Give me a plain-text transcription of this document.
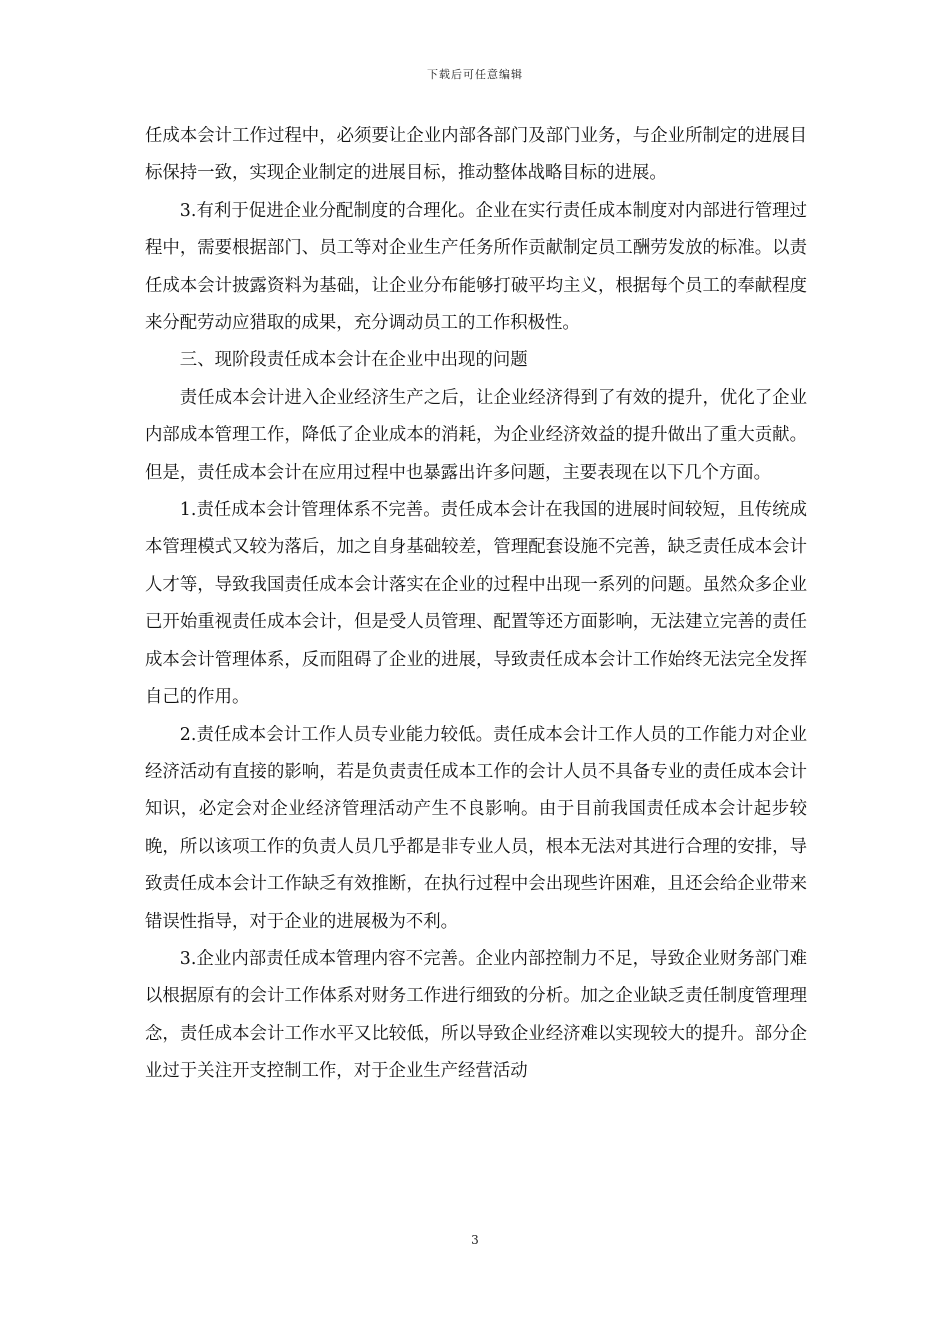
下载后可任意编辑

任成本会计工作过程中，必须要让企业内部各部门及部门业务，与企业所制定的进展目标保持一致，实现企业制定的进展目标，推动整体战略目标的进展。

3.有利于促进企业分配制度的合理化。企业在实行责任成本制度对内部进行管理过程中，需要根据部门、员工等对企业生产任务所作贡献制定员工酬劳发放的标准。以责任成本会计披露资料为基础，让企业分布能够打破平均主义，根据每个员工的奉献程度来分配劳动应猎取的成果，充分调动员工的工作积极性。

三、现阶段责任成本会计在企业中出现的问题

责任成本会计进入企业经济生产之后，让企业经济得到了有效的提升，优化了企业内部成本管理工作，降低了企业成本的消耗，为企业经济效益的提升做出了重大贡献。但是，责任成本会计在应用过程中也暴露出许多问题，主要表现在以下几个方面。

1.责任成本会计管理体系不完善。责任成本会计在我国的进展时间较短，且传统成本管理模式又较为落后，加之自身基础较差，管理配套设施不完善，缺乏责任成本会计人才等，导致我国责任成本会计落实在企业的过程中出现一系列的问题。虽然众多企业已开始重视责任成本会计，但是受人员管理、配置等还方面影响，无法建立完善的责任成本会计管理体系，反而阻碍了企业的进展，导致责任成本会计工作始终无法完全发挥自己的作用。

2.责任成本会计工作人员专业能力较低。责任成本会计工作人员的工作能力对企业经济活动有直接的影响，若是负责责任成本工作的会计人员不具备专业的责任成本会计知识，必定会对企业经济管理活动产生不良影响。由于目前我国责任成本会计起步较晚，所以该项工作的负责人员几乎都是非专业人员，根本无法对其进行合理的安排，导致责任成本会计工作缺乏有效推断，在执行过程中会出现些许困难，且还会给企业带来错误性指导，对于企业的进展极为不利。

3.企业内部责任成本管理内容不完善。企业内部控制力不足，导致企业财务部门难以根据原有的会计工作体系对财务工作进行细致的分析。加之企业缺乏责任制度管理理念，责任成本会计工作水平又比较低，所以导致企业经济难以实现较大的提升。部分企业过于关注开支控制工作，对于企业生产经营活动

3
